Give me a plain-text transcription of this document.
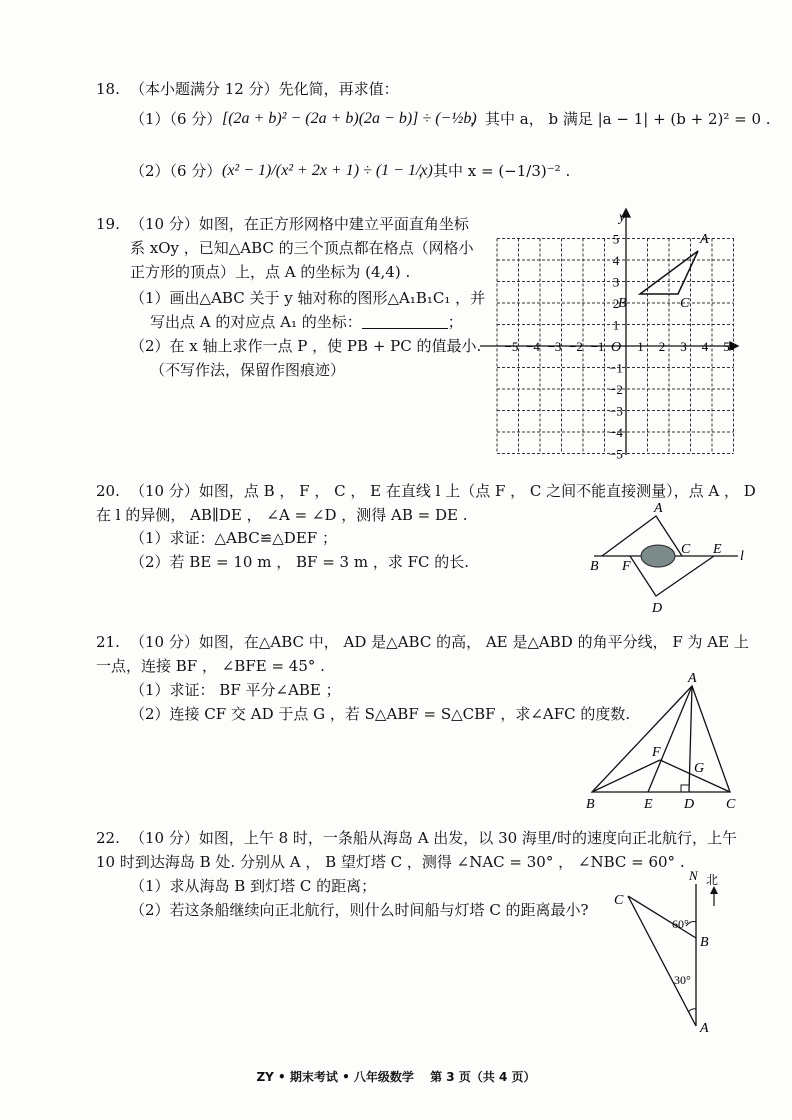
18. （本小题满分 12 分）先化简，再求值：
（1）（6 分） [(2a + b)² − (2a + b)(2a − b)] ÷ (−½b)
，其中 a， b 满足 |a − 1| + (b + 2)² = 0 .
（2）（6 分） (x² − 1)/(x² + 2x + 1) ÷ (1 − 1/x)
，其中 x = (−1/3)⁻² .
19. （10 分）如图，在正方形网格中建立平面直角坐标
系 xOy ，已知△ABC 的三个顶点都在格点（网格小
正方形的顶点）上，点 A 的坐标为 (4,4) .
（1）画出△ABC 关于 y 轴对称的图形△A₁B₁C₁ ，并
写出点 A 的对应点 A₁ 的坐标：	；
（2）在 x 轴上求作一点 P ，使 PB + PC 的值最小.
（不写作法，保留作图痕迹）
x
y
O
−5 −4 −3 −2 −1	1 2 3 4 5
5
4
3
2
1
−1
−2
−3
−4
−5
A
B	C
20. （10 分）如图，点 B ， F ， C ， E 在直线 l 上（点 F ， C 之间不能直接测量），点 A ， D
在 l 的异侧， AB∥DE ， ∠A = ∠D ，测得 AB = DE .
（1）求证：△ABC≌△DEF ；
（2）若 BE = 10 m ， BF = 3 m ，求 FC 的长.
A
B F
C E l
D
21. （10 分）如图，在△ABC 中， AD 是△ABC 的高， AE 是△ABD 的角平分线， F 为 AE 上
一点，连接 BF ， ∠BFE = 45° .
（1）求证： BF 平分∠ABE ；
（2）连接 CF 交 AD 于点 G ，若 S△ABF = S△CBF ，求∠AFC 的度数.
A
B	E D C
F
G
22. （10 分）如图，上午 8 时，一条船从海岛 A 出发，以 30 海里/时的速度向正北航行，上午
10 时到达海岛 B 处. 分别从 A ， B 望灯塔 C ，测得 ∠NAC = 30° ， ∠NBC = 60° .
（1）求从海岛 B 到灯塔 C 的距离；
（2）若这条船继续向正北航行，则什么时间船与灯塔 C 的距离最小?
N 北
C
B
A
60°
30°
ZY • 期末考试 • 八年级数学　 第 3 页（共 4 页）
